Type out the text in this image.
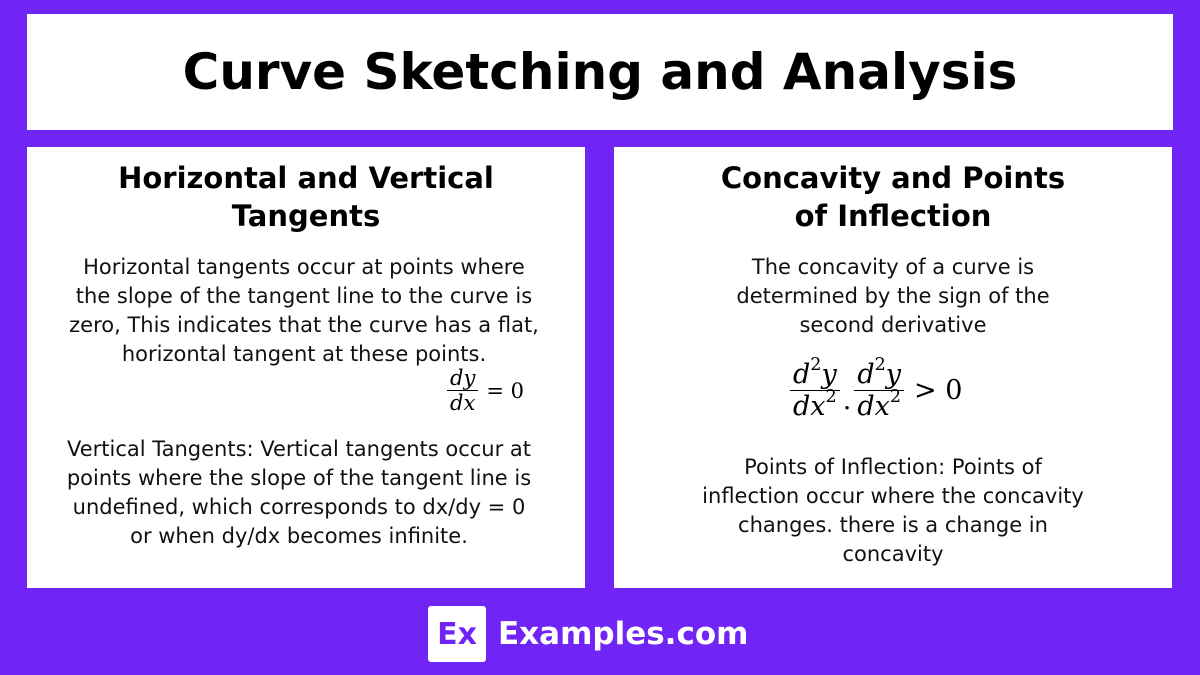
Curve Sketching and Analysis
Horizontal and Vertical Tangents

Horizontal tangents occur at points where the slope of the tangent line to the curve is zero, This indicates that the curve has a flat, horizontal tangent at these points.

$\frac{dy}{dx} = 0$

Vertical Tangents: Vertical tangents occur at points where the slope of the tangent line is undefined, which corresponds to dx/dy = 0 or when dy/dx becomes infinite.

Concavity and Points of Inflection

The concavity of a curve is determined by the sign of the second derivative

$\frac{d^2y}{dx^2}$ . $\frac{d^2y}{dx^2} > 0$

Points of Inflection: Points of inflection occur where the concavity changes. there is a change in concavity

Ex Examples.com
